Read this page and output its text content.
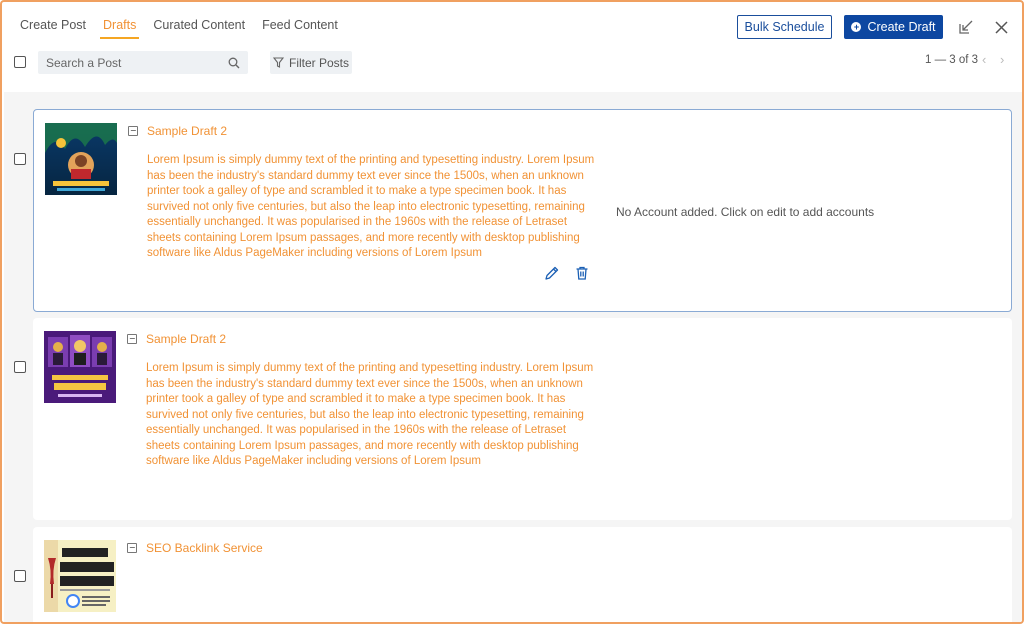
Create Post Drafts Curated Content Feed Content	Bulk Schedule	+ Create Draft
Search a Post
Filter Posts	1 — 3 of 3 ‹ ›
Sample Draft 2
Lorem Ipsum is simply dummy text of the printing and typesetting industry. Lorem Ipsum has been the industry's standard dummy text ever since the 1500s, when an unknown printer took a galley of type and scrambled it to make a type specimen book. It has survived not only five centuries, but also the leap into electronic typesetting, remaining essentially unchanged. It was popularised in the 1960s with the release of Letraset sheets containing Lorem Ipsum passages, and more recently with desktop publishing software like Aldus PageMaker including versions of Lorem Ipsum
No Account added. Click on edit to add accounts
Sample Draft 2
Lorem Ipsum is simply dummy text of the printing and typesetting industry. Lorem Ipsum has been the industry's standard dummy text ever since the 1500s, when an unknown printer took a galley of type and scrambled it to make a type specimen book. It has survived not only five centuries, but also the leap into electronic typesetting, remaining essentially unchanged. It was popularised in the 1960s with the release of Letraset sheets containing Lorem Ipsum passages, and more recently with desktop publishing software like Aldus PageMaker including versions of Lorem Ipsum
SEO Backlink Service
